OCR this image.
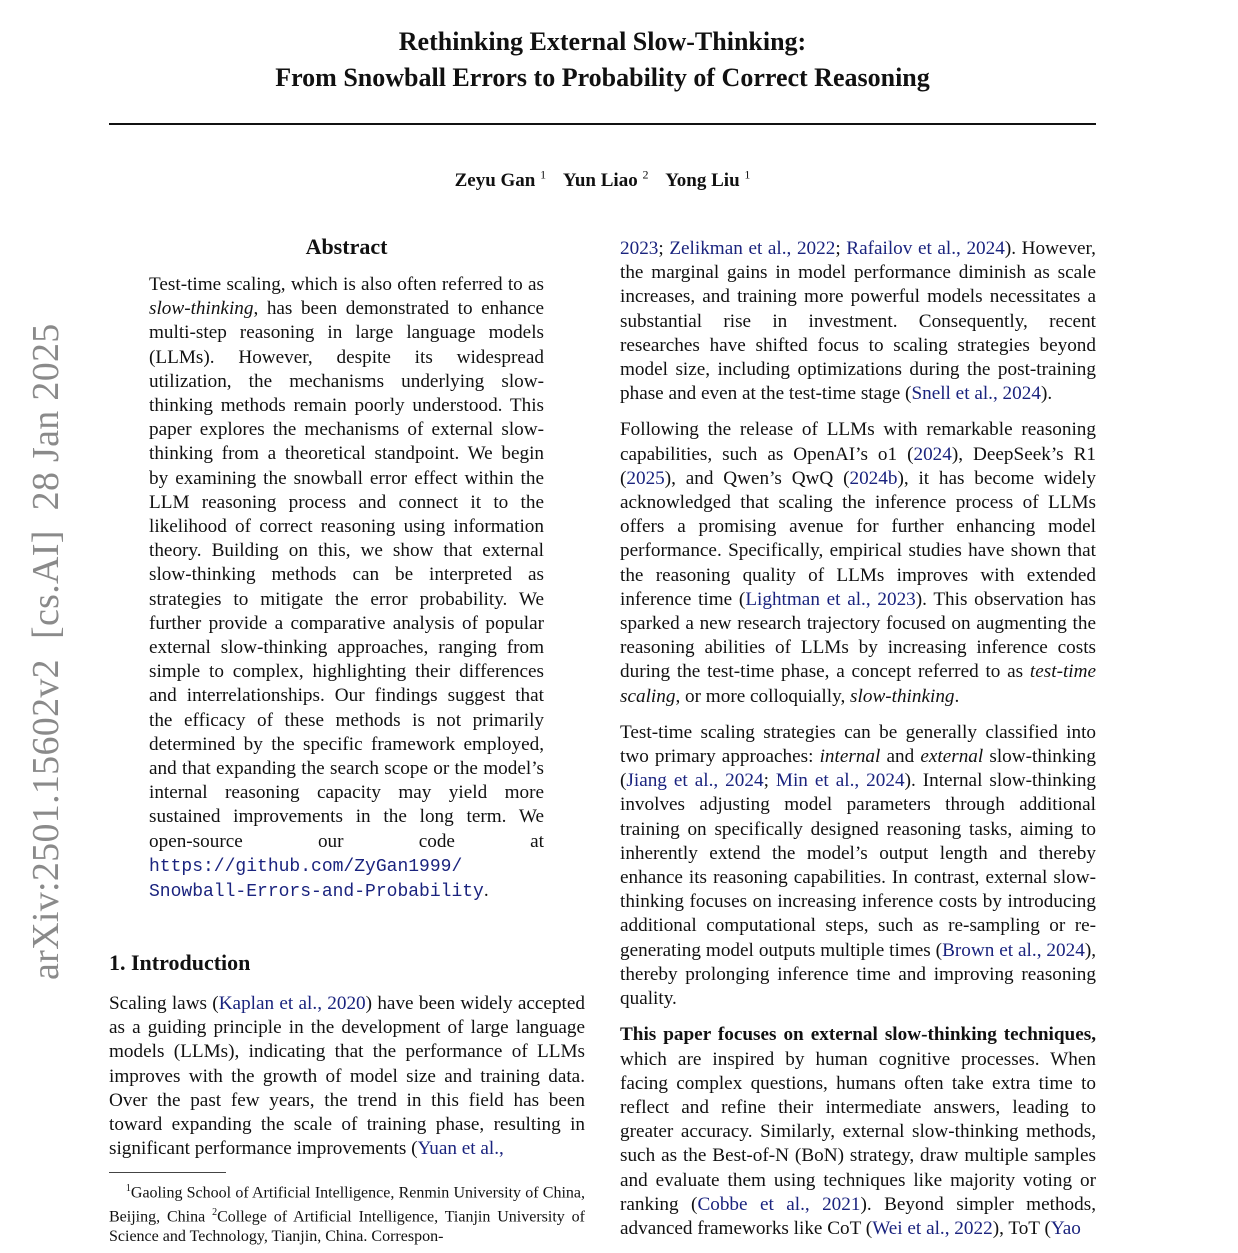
Rethinking External Slow-Thinking:
From Snowball Errors to Probability of Correct Reasoning
Zeyu Gan $^1$ Yun Liao $^2$ Yong Liu $^1$
arXiv:2501.15602v2[cs.AI]28 Jan 2025
Abstract

Test-time scaling, which is also often referred to as slow-thinking, has been demonstrated to enhance multi-step reasoning in large language models (LLMs). However, despite its widespread utilization, the mechanisms underlying slow-thinking methods remain poorly understood. This paper explores the mechanisms of external slow-thinking from a theoretical standpoint. We begin by examining the snowball error effect within the LLM reasoning process and connect it to the likelihood of correct reasoning using information theory. Building on this, we show that external slow-thinking methods can be interpreted as strategies to mitigate the error probability. We further provide a comparative analysis of popular external slow-thinking approaches, ranging from simple to complex, highlighting their differences and interrelationships. Our findings suggest that the efficacy of these methods is not primarily determined by the specific framework employed, and that expanding the search scope or the model’s internal reasoning capacity may yield more sustained improvements in the long term. We open-source our code at https://github.com/ZyGan1999/ Snowball-Errors-and-Probability.

1. Introduction

Scaling laws (Kaplan et al., 2020) have been widely accepted as a guiding principle in the development of large language models (LLMs), indicating that the performance of LLMs improves with the growth of model size and training data. Over the past few years, the trend in this field has been toward expanding the scale of training phase, resulting in significant performance improvements (Yuan et al.,

$^1$Gaoling School of Artificial Intelligence, Renmin University of China, Beijing, China $^2$College of Artificial Intelligence, Tianjin University of Science and Technology, Tianjin, China. Correspon-

2023; Zelikman et al., 2022; Rafailov et al., 2024). However, the marginal gains in model performance diminish as scale increases, and training more powerful models necessitates a substantial rise in investment. Consequently, recent researches have shifted focus to scaling strategies beyond model size, including optimizations during the post-training phase and even at the test-time stage (Snell et al., 2024).

Following the release of LLMs with remarkable reasoning capabilities, such as OpenAI’s o1 (2024), DeepSeek’s R1 (2025), and Qwen’s QwQ (2024b), it has become widely acknowledged that scaling the inference process of LLMs offers a promising avenue for further enhancing model performance. Specifically, empirical studies have shown that the reasoning quality of LLMs improves with extended inference time (Lightman et al., 2023). This observation has sparked a new research trajectory focused on augmenting the reasoning abilities of LLMs by increasing inference costs during the test-time phase, a concept referred to as test-time scaling, or more colloquially, slow-thinking.

Test-time scaling strategies can be generally classified into two primary approaches: internal and external slow-thinking (Jiang et al., 2024; Min et al., 2024). Internal slow-thinking involves adjusting model parameters through additional training on specifically designed reasoning tasks, aiming to inherently extend the model’s output length and thereby enhance its reasoning capabilities. In contrast, external slow-thinking focuses on increasing inference costs by introducing additional computational steps, such as re-sampling or re-generating model outputs multiple times (Brown et al., 2024), thereby prolonging inference time and improving reasoning quality.

This paper focuses on external slow-thinking techniques, which are inspired by human cognitive processes. When facing complex questions, humans often take extra time to reflect and refine their intermediate answers, leading to greater accuracy. Similarly, external slow-thinking methods, such as the Best-of-N (BoN) strategy, draw multiple samples and evaluate them using techniques like majority voting or ranking (Cobbe et al., 2021). Beyond simpler methods, advanced frameworks like CoT (Wei et al., 2022), ToT (Yao
